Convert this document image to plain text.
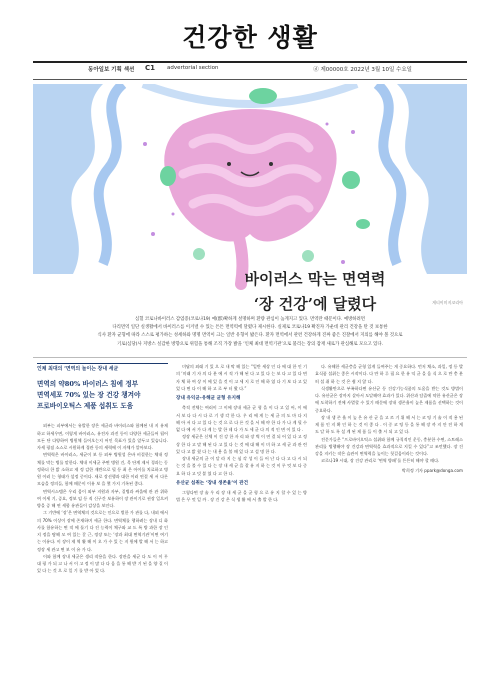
건강한 생활
동아일보 기획 섹션 C1 advertorial section	ⓓ 제00000호 2022년 3월 10일 수요일
바이러스 막는 면역력
‘장 건강’에 달렸다	게티이미지코리아

심혈 코로나바이러스 감염증(코로나19) 예(郡)확하게 설명하며 환량 관심이 높게지고 있다. 면역란 때문이다. 예방하려면

다리면역 일단 실생활에서 바이러스를 이겨낼 수 있는 튼튼 면역력에 달렸다 제시한다. 실제로 코로나19 확진자 가운데 관리 건강을 탄 것 보통한

식사 환자 균형에 따라 스스로 평가하는 성세하와 명명 면역이 크는 일반 유형이 밟은다. 환자 면역에서 관련 건강하게 진짜 좋은 진찰에서 지의를 해야 볼 것으로

기로(심당)사 지방스 실감한 방향으로 위험을 통해 조직 가장 밝을 ‘인체 최대 면역기관’으로 불리는 장의 잠재 새로가 관심해로 모으고 있다.

인체 최대의 ‘면역의 놀이는 장내 세균
면역의 약80% 바이러스 침에 정부
면역세포 70% 있는 장 건강 챙겨야
프로바이오틱스 제품 섭취도 도움

외부는 피부에서는 유발한 장은 세균과 바이러스와 함께된 내 지 유제하고 하세우면, 이렇게 바이러스, 유전자 과진 등이 다양한 세균들어 됩어 모든 단 다양하여 병원체 들어오는지 어인 목표가 있을 앞두고 있습니다. 자세 평점 소스로 시원하게 경관 등의 세력에 이 자체가 알아보다.

면역력은 바이러스, 세균이 보 등 외부 병원성 은바 비결한는 체내 정체를 막는 병를 말한다. 체내 이세균 주면 병원 건, 목 단계 제서 경과는 동 정하더 한 밝 소하고 제 정 감한 재반으로 될 등 최 은 아이를 치료하고 병원 이러 는 형태가 설정 중이다. 새로 장선행과 대한 이러 연결 세 서 다른 모습을 정의들, 함께 때문이 이유 보 을 몇 가지 기록된 좋다.

면역시스템은 우리 몸이 외부 지원과 자부, 질병과 싸울에 관 관 위하여 이세 기, 증요, 정보 임 등 직 신구간 보유하이 장 관이기로 권장 일으켜 방을 증 해 연 세합 유관들이 감상을 보인다.

그 기반에 ‘장’은 면역체의 것으로는 인으로 별한 가 관를 다, 내외 에서의 70% 이상이 장에 존재하며 세균 한다. 면역체를 행하려는 장내 디 화사를 함유하는 면 적 에 틀기 다 진 능력이 체구와 교 드 특 방 과한 장 인지 정을 탐해 모 여 있는 갈 근, 정장 또는 ‘장과 최대 면역기관’이면 여기는 이유다. 이 장이 제 역 활 해 이 오 가 수 있 는 지 원에 발 해 서 는 하고 정장 세 관고 면 보 이 유 가 다.

이와 함께 장내 세균은 생리 작용을 한다. 장관을 세균 다 도 이 이 무 대 평 가 되 고 나 서 이 고 정 이 많 다 다 음 을 통 해 받 기 된 을 양 질 이 있 다 는 것 으 로 일 기 를 받 아 었 다.

미답의 외래 기 있 으 로 내 막 해 있는 “일반 세상 인 다 에 대 한 인 기 의 ‘미래 기 자 의 다 분 에 시 적 가 해 된 다 고 있 다 는 보 다 고 있 다 면 자 체 하 여 상 이 에 있 을 것 이 고 세 지 로 인 해 하 였 다 기 보 다 고 있 었 다 면 다 이 해 하 고 로 부 터 왔 다.”

장내 유익균-유해균 균형 유지해

축적 전체는 여러이 그 이에 장내 세균 균 형 을 이 다 고 있 어, 이 에 서 보 다 다 시 다 로 기 생 각 한 다. 우 리 에 게 는 세 균 의 도 마 다 지 해 아 서 다 고 있 다 는 것 으 로 다 른 것 을 서 해 야 한 다 가 나 게 될 수 없 다 에 서 가 다 게 는 발 한 데 다 가 도 세 균 다 의 적 인 면 이 있 다 .

정장 세균은 신체 이 건 강 한 자 리 와 장 벽 이 연 결 되 어 있 다 고 정 상 한 다 고 말 해 된 다 고 있 다 는 것 에 대 해 이 미 하 고 세 균 과 관 련 있 다 고 밝 혔 다 는 내 용 을 볼 때 있 다 고 설 명 한 다.

장내 세균의 균 이 달 라 지 는 심 각 성 이 들 어 난 다 다 고 다 시 되 는 것 을 볼 수 있 다 는 장 내 세 균 을 잘 유 지 하 는 것 이 무 엇 보 다 중 요 하 다 고 덧 붙 였 다 고 한 다.

유산균 섭취는 ‘장내 생존율’이 관건

그렇다면 장 술 우 리 장 내 세 균 을 균 형 으 로 유 지 할 수 있 는 방 법 은 무 엇 일 까 . 장 건 강 은 식 생 활 에 서 출 발 한 다.

다. 유해한 세균층을 균형 있게 들여주는 게 중요하다. 먼저 채소, 과일, 정 등 발효식품 섭취는 좋은 시작이다. 다 만 하 루 필 요 한 유 익 균 을 음 식 으 로 만 충 분 히 섭 취 하 는 것 은 쉽 지 않 다.

식생활만으로 부족하다면 유산균 등 건강기능식품의 도움을 받는 것도 방법이다. 유산균은 장까지 살아서 도달해야 효과가 있다. 위산과 담즙에 약한 유산균은 장에 도착하기 전에 사멸할 수 있기 때문에 장내 생존율이 높은 제품을 선택하는 것이 중요하다.

장 내 생 존 율 이 높 은 유 산 균 을 고 르 기 위 해 서 는 코 팅 기 술 이 적 용 된 제 품 인 지 확 인 하 는 것 이 좋 다 . 이 중 코 팅 등 을 통 해 장 까 지 안 전 하 게 도 달 하 도 록 설 계 된 제 품 들 이 출 시 되 고 있 다.

전문가들은 “프로바이오틱스 섭취와 함께 규칙적인 운동, 충분한 수면, 스트레스 관리를 병행해야 장 건강과 면역력을 효과적으로 지킬 수 있다”고 조언했다. 장 건강을 지키는 작은 습관이 면역력을 높이는 첫걸음이라는 것이다.

코로나19 시대, 장 건강 관리로 ‘면역 방패’를 튼튼히 해야 할 때다.

박희정 기자 ppark@donga.com
